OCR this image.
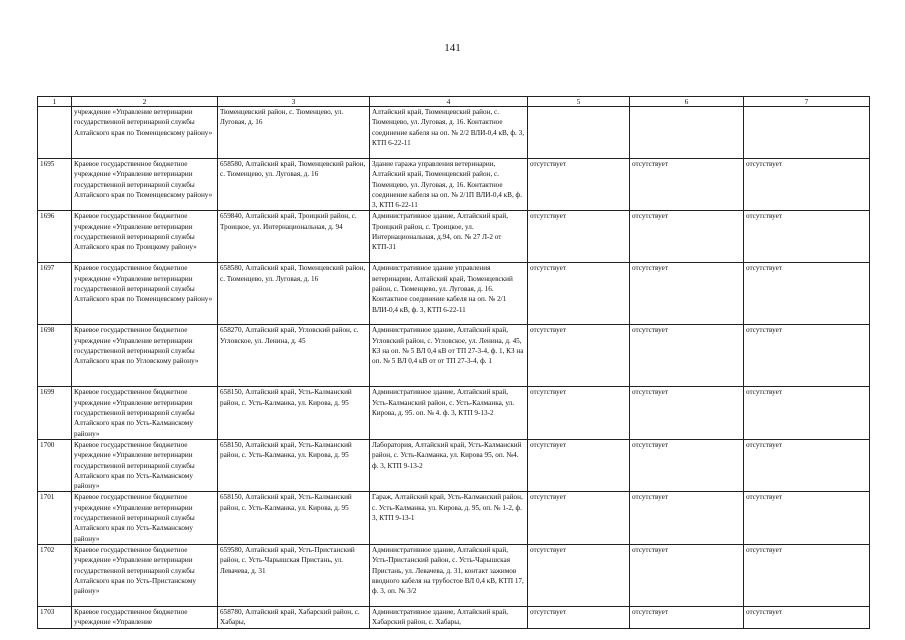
141
1	2	3	4	5	6	7
	учреждение «Управление ветеринарии государственной ветеринарной службы Алтайского края по Тюменцевскому району»	Тюменцевский район, с. Тюменцево, ул. Луговая, д. 16	Алтайский край, Тюменцевский район, с. Тюменцево, ул. Луговая, д. 16. Контактное соединение кабеля на оп. № 2/2 ВЛИ-0,4 кВ, ф. 3, КТП 6-22-11			
1695	Краевое государственное бюджетное учреждение «Управление ветеринарии государственной ветеринарной службы Алтайского края по Тюменцевскому району»	658580, Алтайский край, Тюменцевский район, с. Тюменцево, ул. Луговая, д. 16	Здание гаража управления ветеринарии, Алтайский край, Тюменцевский район, с. Тюменцево, ул. Луговая, д. 16. Контактное соединение кабеля на оп. № 2/1П ВЛИ-0,4 кВ, ф. 3, КТП 6-22-11	отсутствует	отсутствует	отсутствует
1696	Краевое государственное бюджетное учреждение «Управление ветеринарии государственной ветеринарной службы Алтайского края по Троицкому району»	659840, Алтайский край, Троицкий район, с. Троицкое, ул. Интернациональная, д. 94	Административное здание, Алтайский край, Троицкий район, с. Троицкое, ул. Интернациональная, д.94, оп. № 27 Л-2 от КТП-31	отсутствует	отсутствует	отсутствует
1697	Краевое государственное бюджетное учреждение «Управление ветеринарии государственной ветеринарной службы Алтайского края по Тюменцевскому району»	658580, Алтайский край, Тюменцевский район, с. Тюменцево, ул. Луговая, д. 16	Административное здание управления ветеринарии, Алтайский край, Тюменцевский район, с. Тюменцево, ул. Луговая, д. 16. Контактное соединение кабеля на оп. № 2/1 ВЛИ-0,4 кВ, ф. 3, КТП 6-22-11	отсутствует	отсутствует	отсутствует
1698	Краевое государственное бюджетное учреждение «Управление ветеринарии государственной ветеринарной службы Алтайского края по Угловскому району»	658270, Алтайский край, Угловский район, с. Угловское, ул. Ленина, д. 45	Административное здание, Алтайский край, Угловский район, с. Угловское, ул. Ленина, д. 45, КЗ на оп. № 5 ВЛ 0,4 кВ от ТП 27-3-4, ф. 1, КЗ на оп. № 5 ВЛ 0,4 кВ от от ТП 27-3-4, ф. 1	отсутствует	отсутствует	отсутствует
1699	Краевое государственное бюджетное учреждение «Управление ветеринарии государственной ветеринарной службы Алтайского края по Усть-Калманскому району»	658150, Алтайский край, Усть-Калманский район, с. Усть-Калманка, ул. Кирова, д. 95	Административное здание, Алтайский край, Усть-Калманский район, с. Усть-Калманка, ул. Кирова, д. 95. оп. № 4. ф. 3, КТП 9-13-2	отсутствует	отсутствует	отсутствует
1700	Краевое государственное бюджетное учреждение «Управление ветеринарии государственной ветеринарной службы Алтайского края по Усть-Калманскому району»	658150, Алтайский край, Усть-Калманский район, с. Усть-Калманка, ул. Кирова, д. 95	Лаборатория, Алтайский край, Усть-Калманский район, с. Усть-Калманка, ул. Кирова 95, оп. №4. ф. 3, КТП 9-13-2	отсутствует	отсутствует	отсутствует
1701	Краевое государственное бюджетное учреждение «Управление ветеринарии государственной ветеринарной службы Алтайского края по Усть-Калманскому району»	658150, Алтайский край, Усть-Калманский район, с. Усть-Калманка, ул. Кирова, д. 95	Гараж, Алтайский край, Усть-Калманский район, с. Усть-Калманка, ул. Кирова, д. 95, оп. № 1-2, ф. 3, КТП 9-13-1	отсутствует	отсутствует	отсутствует
1702	Краевое государственное бюджетное учреждение «Управление ветеринарии государственной ветеринарной службы Алтайского края по Усть-Пристанскому району»	659580, Алтайский край, Усть-Пристанский район, с. Усть-Чарышская Пристань, ул. Левачева, д. 31	Административное здание, Алтайский край, Усть-Пристанский район, с. Усть-Чарышская Пристань, ул. Левачева, д. 31, контакт зажимов вводного кабеля на трубостое ВЛ 0,4 кВ, КТП 17, ф. 3, оп. № 3/2	отсутствует	отсутствует	отсутствует
1703	Краевое государственное бюджетное учреждение «Управление	658780, Алтайский край, Хабарский район, с. Хабары,	Административное здание, Алтайский край, Хабарский район, с. Хабары,	отсутствует	отсутствует	отсутствует
